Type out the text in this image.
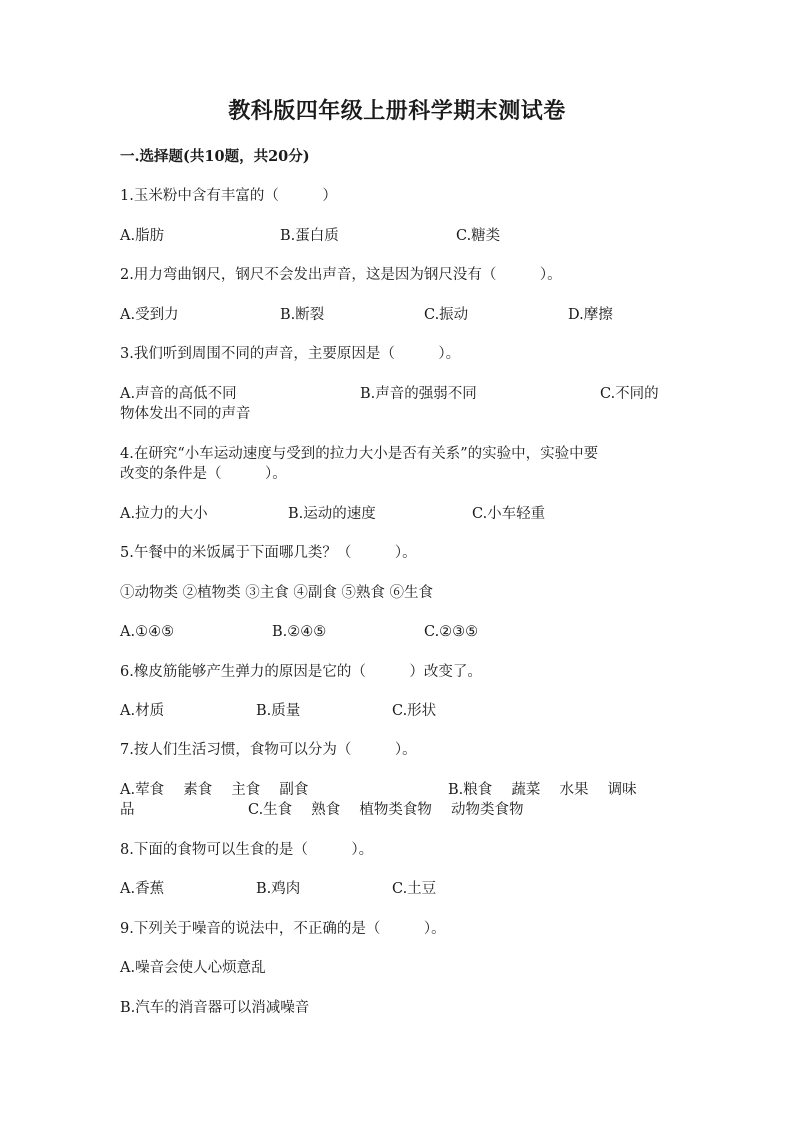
教科版四年级上册科学期末测试卷
一.选择题(共10题，共20分)
1.玉米粉中含有丰富的（　　　）
A.脂肪	B.蛋白质	C.糖类
2.用力弯曲钢尺，钢尺不会发出声音，这是因为钢尺没有（　　　）。
A.受到力	B.断裂	C.振动	D.摩擦
3.我们听到周围不同的声音，主要原因是（　　　）。
A.声音的高低不同	B.声音的强弱不同	C.不同的
物体发出不同的声音
4.在研究“小车运动速度与受到的拉力大小是否有关系”的实验中，实验中要
改变的条件是（　　　）。
A.拉力的大小	B.运动的速度	C.小车轻重
5.午餐中的米饭属于下面哪几类？（　　　）。
①动物类 ②植物类 ③主食 ④副食 ⑤熟食 ⑥生食
A.①④⑤	B.②④⑤	C.②③⑤
6.橡皮筋能够产生弹力的原因是它的（　　　）改变了。
A.材质	B.质量	C.形状
7.按人们生活习惯，食物可以分为（　　　）。
A.荤食　 素食　 主食　 副食	B.粮食　 蔬菜　 水果　 调味
品	C.生食　 熟食　 植物类食物　 动物类食物
8.下面的食物可以生食的是（　　　）。
A.香蕉	B.鸡肉	C.土豆
9.下列关于噪音的说法中，不正确的是（　　　）。
A.噪音会使人心烦意乱
B.汽车的消音器可以消减噪音
